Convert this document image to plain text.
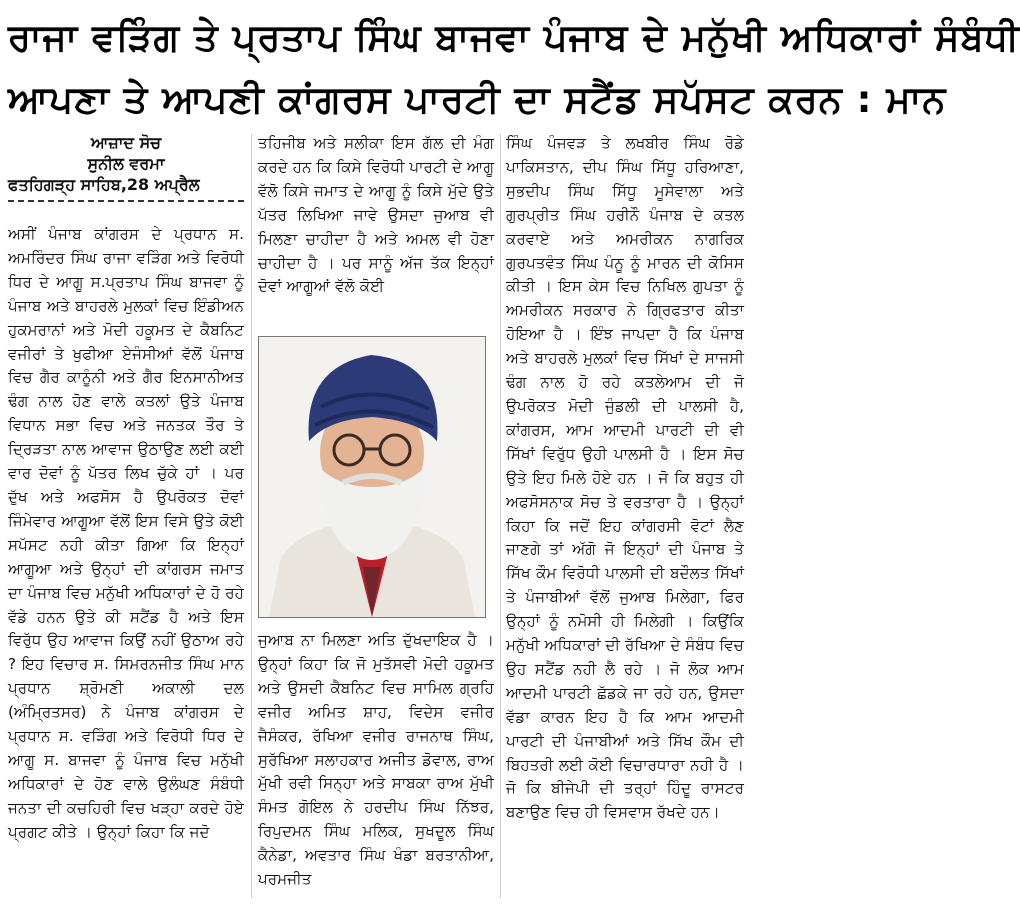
ਰਾਜਾ ਵੜਿੰਗ ਤੇ ਪ੍ਰਤਾਪ ਸਿੰਘ ਬਾਜਵਾ ਪੰਜਾਬ ਦੇ ਮਨੁੱਖੀ ਅਧਿਕਾਰਾਂ ਸੰਬੰਧੀ
ਆਪਣਾ ਤੇ ਆਪਣੀ ਕਾਂਗਰਸ ਪਾਰਟੀ ਦਾ ਸਟੈਂਡ ਸਪੱਸਟ ਕਰਨ : ਮਾਨ
ਆਜ਼ਾਦ ਸੋਚ
ਸੁਨੀਲ ਵਰਮਾ
ਫਤਹਿਗੜ੍ਹ ਸਾਹਿਬ,28 ਅਪ੍ਰੈਲ
ਅਸੀਂ ਪੰਜਾਬ ਕਾਂਗਰਸ ਦੇ ਪ੍ਰਧਾਨ ਸ. ਅਮਰਿੰਦਰ ਸਿੰਘ ਰਾਜਾ ਵੜਿੰਗ ਅਤੇ ਵਿਰੋਧੀ ਧਿਰ ਦੇ ਆਗੂ ਸ.ਪ੍ਰਤਾਪ ਸਿੰਘ ਬਾਜਵਾ ਨੂੰ ਪੰਜਾਬ ਅਤੇ ਬਾਹਰਲੇ ਮੁਲਕਾਂ ਵਿਚ ਇੰਡੀਅਨ ਹੁਕਮਰਾਨਾਂ ਅਤੇ ਮੋਦੀ ਹਕੂਮਤ ਦੇ ਕੈਬਨਿਟ ਵਜੀਰਾਂ ਤੇ ਖੁਫੀਆ ਏਜੰਸੀਆਂ ਵੱਲੋਂ ਪੰਜਾਬ ਵਿਚ ਗੈਰ ਕਾਨੂੰਨੀ ਅਤੇ ਗੈਰ ਇਨਸਾਨੀਅਤ ਢੰਗ ਨਾਲ ਹੋਣ ਵਾਲੇ ਕਤਲਾਂ ਉਤੇ ਪੰਜਾਬ ਵਿਧਾਨ ਸਭਾ ਵਿਚ ਅਤੇ ਜਨਤਕ ਤੌਰ ਤੇ ਦ੍ਰਿੜਤਾ ਨਾਲ ਆਵਾਜ ਉਠਾਉਣ ਲਈ ਕਈ ਵਾਰ ਦੋਵਾਂ ਨੂੰ ਪੱਤਰ ਲਿਖ ਚੁੱਕੇ ਹਾਂ । ਪਰ ਦੁੱਖ ਅਤੇ ਅਫਸੋਸ ਹੈ ਉਪਰੋਕਤ ਦੋਵਾਂ ਜਿੰਮੇਵਾਰ ਆਗੂਆ ਵੱਲੋਂ ਇਸ ਵਿਸੇ ਉਤੇ ਕੋਈ ਸਪੱਸਟ ਨਹੀ ਕੀਤਾ ਗਿਆ ਕਿ ਇਨ੍ਹਾਂ ਆਗੂਆ ਅਤੇ ਉਨ੍ਹਾਂ ਦੀ ਕਾਂਗਰਸ ਜਮਾਤ ਦਾ ਪੰਜਾਬ ਵਿਚ ਮਨੁੱਖੀ ਅਧਿਕਾਰਾਂ ਦੇ ਹੋ ਰਹੇ ਵੱਡੇ ਹਨਨ ਉਤੇ ਕੀ ਸਟੈਂਡ ਹੈ ਅਤੇ ਇਸ ਵਿਰੁੱਧ ਉਹ ਆਵਾਜ ਕਿਉਂ ਨਹੀਂ ਉਠਾਅ ਰਹੇ ? ਇਹ ਵਿਚਾਰ ਸ. ਸਿਮਰਨਜੀਤ ਸਿੰਘ ਮਾਨ ਪ੍ਰਧਾਨ ਸ਼੍ਰੋਮਣੀ ਅਕਾਲੀ ਦਲ (ਅੰਮ੍ਰਿਤਸਰ) ਨੇ ਪੰਜਾਬ ਕਾਂਗਰਸ ਦੇ ਪ੍ਰਧਾਨ ਸ. ਵੜਿੰਗ ਅਤੇ ਵਿਰੋਧੀ ਧਿਰ ਦੇ ਆਗੂ ਸ. ਬਾਜਵਾ ਨੂੰ ਪੰਜਾਬ ਵਿਚ ਮਨੁੱਖੀ ਅਧਿਕਾਰਾਂ ਦੇ ਹੋਣ ਵਾਲੇ ਉਲੰਘਣ ਸੰਬੰਧੀ ਜਨਤਾ ਦੀ ਕਚਹਿਰੀ ਵਿਚ ਖੜ੍ਹਾ ਕਰਦੇ ਹੋਏ ਪ੍ਰਗਟ ਕੀਤੇ । ਉਨ੍ਹਾਂ ਕਿਹਾ ਕਿ ਜਦੋ
ਤਹਿਜੀਬ ਅਤੇ ਸਲੀਕਾ ਇਸ ਗੱਲ ਦੀ ਮੰਗ ਕਰਦੇ ਹਨ ਕਿ ਕਿਸੇ ਵਿਰੋਧੀ ਪਾਰਟੀ ਦੇ ਆਗੂ ਵੱਲੋ ਕਿਸੇ ਜਮਾਤ ਦੇ ਆਗੂ ਨੂੰ ਕਿਸੇ ਮੁੱਦੇ ਉਤੇ ਪੱਤਰ ਲਿਖਿਆ ਜਾਵੇ ਉਸਦਾ ਜੁਆਬ ਵੀ ਮਿਲਣਾ ਚਾਹੀਦਾ ਹੈ ਅਤੇ ਅਮਲ ਵੀ ਹੋਣਾ ਚਾਹੀਦਾ ਹੈ । ਪਰ ਸਾਨੂੰ ਅੱਜ ਤੱਕ ਇਨ੍ਹਾਂ ਦੋਵਾਂ ਆਗੂਆਂ ਵੱਲੋ ਕੋਈ
ਜੁਆਬ ਨਾ ਮਿਲਣਾ ਅਤਿ ਦੁੱਖਦਾਇਕ ਹੈ । ਉਨ੍ਹਾਂ ਕਿਹਾ ਕਿ ਜੋ ਮੁਤੱਸਵੀ ਮੋਦੀ ਹਕੂਮਤ ਅਤੇ ਉਸਦੀ ਕੈਬਨਿਟ ਵਿਚ ਸਾਮਿਲ ਗ੍ਰਹਿ ਵਜੀਰ ਅਮਿਤ ਸ਼ਾਹ, ਵਿਦੇਸ ਵਜੀਰ ਜੈਸੰਕਰ, ਰੱਖਿਆ ਵਜੀਰ ਰਾਜਨਾਥ ਸਿੰਘ, ਸੁਰੱਖਿਆ ਸਲਾਹਕਾਰ ਅਜੀਤ ਡੋਵਾਲ, ਰਾਅ ਮੁੱਖੀ ਰਵੀ ਸਿਨ੍ਹਾ ਅਤੇ ਸਾਬਕਾ ਰਾਅ ਮੁੱਖੀ ਸੰਮਤ ਗੋਇਲ ਨੇ ਹਰਦੀਪ ਸਿੰਘ ਨਿੱਝਰ, ਰਿਪੁਦਮਨ ਸਿੰਘ ਮਲਿਕ, ਸੁਖਦੂਲ ਸਿੰਘ ਕੈਨੇਡਾ, ਅਵਤਾਰ ਸਿੰਘ ਖੰਡਾ ਬਰਤਾਨੀਆ, ਪਰਮਜੀਤ
ਸਿੰਘ ਪੰਜਵੜ ਤੇ ਲਖਬੀਰ ਸਿੰਘ ਰੋਡੇ ਪਾਕਿਸਤਾਨ, ਦੀਪ ਸਿੰਘ ਸਿੱਧੂ ਹਰਿਆਣਾ, ਸੁਭਦੀਪ ਸਿੰਘ ਸਿੱਧੂ ਮੂਸੇਵਾਲਾ ਅਤੇ ਗੁਰਪ੍ਰੀਤ ਸਿੰਘ ਹਰੀਨੌ ਪੰਜਾਬ ਦੇ ਕਤਲ ਕਰਵਾਏ ਅਤੇ ਅਮਰੀਕਨ ਨਾਗਰਿਕ ਗੁਰਪਤਵੰਤ ਸਿੰਘ ਪੰਨੂ ਨੂੰ ਮਾਰਨ ਦੀ ਕੋਸਿਸ ਕੀਤੀ । ਇਸ ਕੇਸ ਵਿਚ ਨਿਖਿਲ ਗੁਪਤਾ ਨੂੰ ਅਮਰੀਕਨ ਸਰਕਾਰ ਨੇ ਗ੍ਰਿਫਤਾਰ ਕੀਤਾ ਹੋਇਆ ਹੈ । ਇੰਝ ਜਾਪਦਾ ਹੈ ਕਿ ਪੰਜਾਬ ਅਤੇ ਬਾਹਰਲੇ ਮੁਲਕਾਂ ਵਿਚ ਸਿੱਖਾਂ ਦੇ ਸਾਜਸੀ ਢੰਗ ਨਾਲ ਹੋ ਰਹੇ ਕਤਲੇਆਮ ਦੀ ਜੋ ਉਪਰੋਕਤ ਮੋਦੀ ਜੁੰਡਲੀ ਦੀ ਪਾਲਸੀ ਹੈ, ਕਾਂਗਰਸ, ਆਮ ਆਦਮੀ ਪਾਰਟੀ ਦੀ ਵੀ ਸਿੱਖਾਂ ਵਿਰੁੱਧ ਉਹੀ ਪਾਲਸੀ ਹੈ । ਇਸ ਸੋਚ ਉਤੇ ਇਹ ਮਿਲੇ ਹੋਏ ਹਨ । ਜੋ ਕਿ ਬਹੁਤ ਹੀ ਅਫਸੋਸਨਾਕ ਸੋਚ ਤੇ ਵਰਤਾਰਾ ਹੈ । ਉਨ੍ਹਾਂ ਕਿਹਾ ਕਿ ਜਦੋਂ ਇਹ ਕਾਂਗਰਸੀ ਵੋਟਾਂ ਲੈਣ ਜਾਣਗੇ ਤਾਂ ਅੱਗੋ ਜੋ ਇਨ੍ਹਾਂ ਦੀ ਪੰਜਾਬ ਤੇ ਸਿੱਖ ਕੌਮ ਵਿਰੋਧੀ ਪਾਲਸੀ ਦੀ ਬਦੌਲਤ ਸਿੱਖਾਂ ਤੇ ਪੰਜਾਬੀਆਂ ਵੱਲੋਂ ਜੁਆਬ ਮਿਲੇਗਾ, ਫਿਰ ਉਨ੍ਹਾਂ ਨੂੰ ਨਮੋਸੀ ਹੀ ਮਿਲੇਗੀ । ਕਿਉਂਕਿ ਮਨੁੱਖੀ ਅਧਿਕਾਰਾਂ ਦੀ ਰੱਖਿਆ ਦੇ ਸੰਬੰਧ ਵਿਚ ਉਹ ਸਟੈਂਡ ਨਹੀ ਲੈ ਰਹੇ । ਜੋ ਲੋਕ ਆਮ ਆਦਮੀ ਪਾਰਟੀ ਛੱਡਕੇ ਜਾ ਰਹੇ ਹਨ, ਉਸਦਾ ਵੱਡਾ ਕਾਰਨ ਇਹ ਹੈ ਕਿ ਆਮ ਆਦਮੀ ਪਾਰਟੀ ਦੀ ਪੰਜਾਬੀਆਂ ਅਤੇ ਸਿੱਖ ਕੌਮ ਦੀ ਬਿਹਤਰੀ ਲਈ ਕੋਈ ਵਿਚਾਰਧਾਰਾ ਨਹੀ ਹੈ । ਜੋ ਕਿ ਬੀਜੇਪੀ ਦੀ ਤਰ੍ਹਾਂ ਹਿੰਦੂ ਰਾਸਟਰ ਬਣਾਉਣ ਵਿਚ ਹੀ ਵਿਸਵਾਸ ਰੱਖਦੇ ਹਨ।
